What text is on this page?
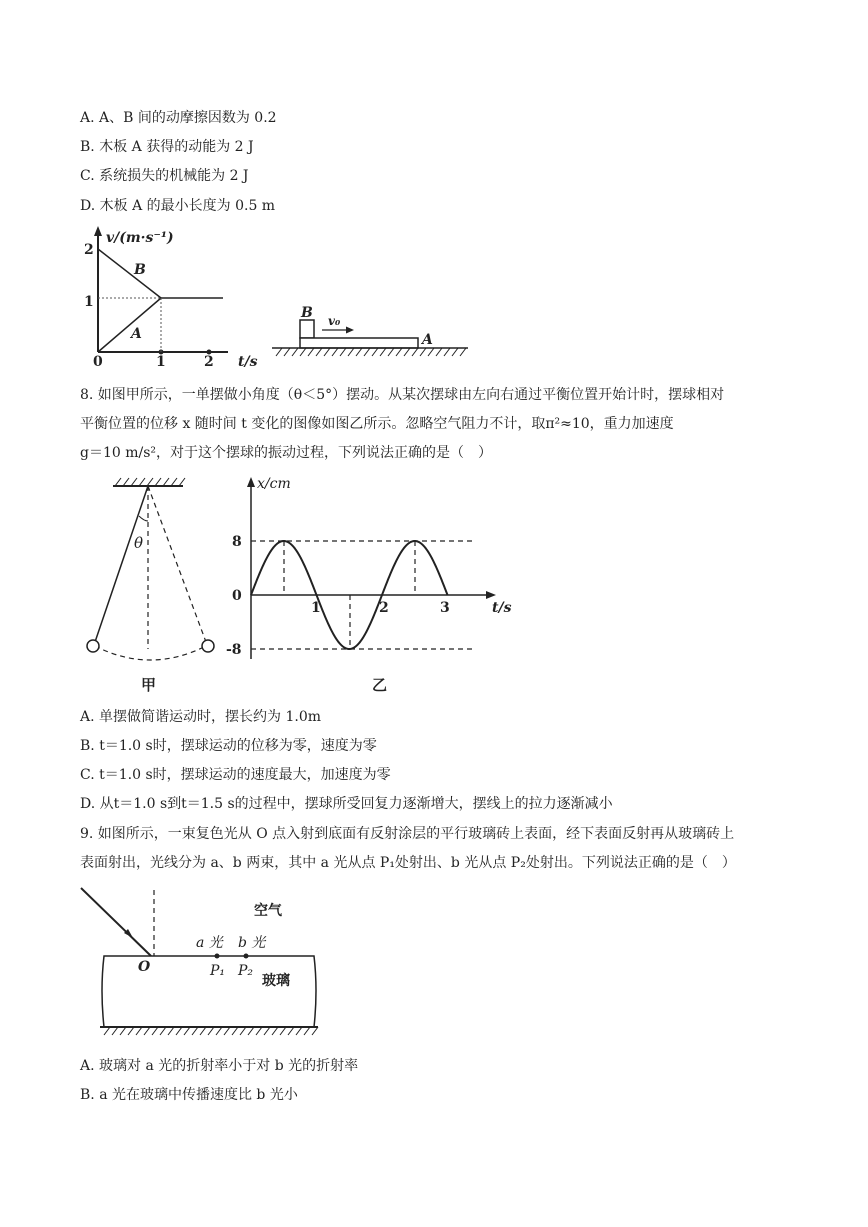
A. A、B 间的动摩擦因数为 0.2
B. 木板 A 获得的动能为 2 J
C. 系统损失的机械能为 2 J
D. 木板 A 的最小长度为 0.5 m
v/(m·s⁻¹)
2
1
0	1	2 t/s
B
A
B
A
v₀
8. 如图甲所示，一单摆做小角度（θ＜5°）摆动。从某次摆球由左向右通过平衡位置开始计时，摆球相对
平衡位置的位移 x 随时间 t 变化的图像如图乙所示。忽略空气阻力不计，取π²≈10，重力加速度
g＝10 m/s²，对于这个摆球的振动过程，下列说法正确的是（　）
θ
甲
x/cm
t/s
8
0
-8
1	2	3
乙
A. 单摆做简谐运动时，摆长约为 1.0m
B. t＝1.0 s时，摆球运动的位移为零，速度为零
C. t＝1.0 s时，摆球运动的速度最大，加速度为零
D. 从t＝1.0 s到t＝1.5 s的过程中，摆球所受回复力逐渐增大，摆线上的拉力逐渐减小
9. 如图所示，一束复色光从 O 点入射到底面有反射涂层的平行玻璃砖上表面，经下表面反射再从玻璃砖上
表面射出，光线分为 a、b 两束，其中 a 光从点 P₁处射出、b 光从点 P₂处射出。下列说法正确的是（　）
空气
玻璃
a 光 b 光
O	P₁ P₂
A. 玻璃对 a 光的折射率小于对 b 光的折射率
B. a 光在玻璃中传播速度比 b 光小
